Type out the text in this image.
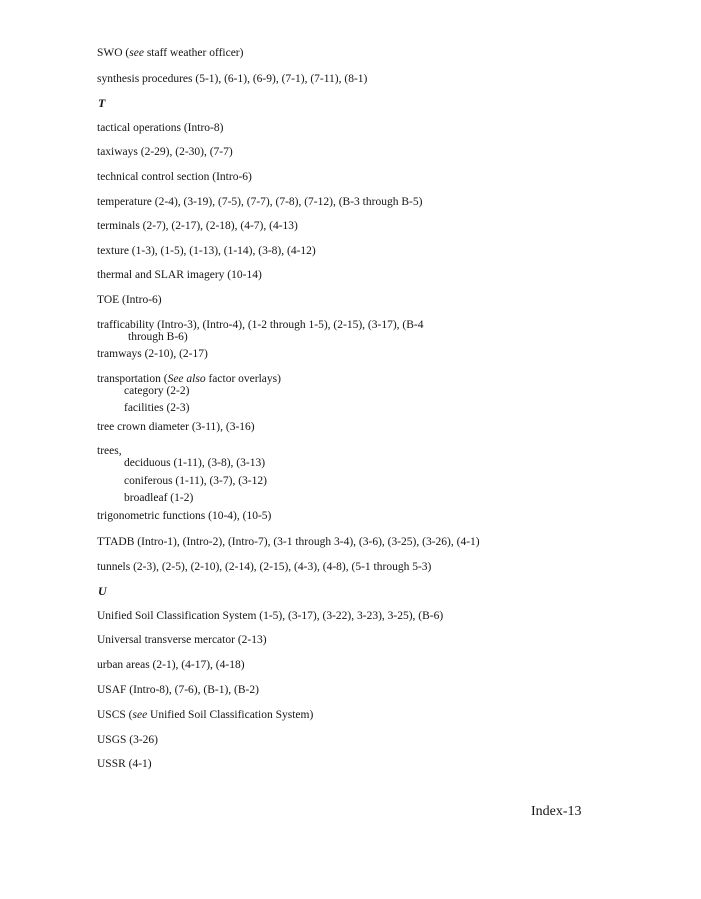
SWO (see staff weather officer)
synthesis procedures (5-1), (6-1), (6-9), (7-1), (7-11), (8-1)
T
tactical operations (Intro-8)
taxiways (2-29), (2-30), (7-7)
technical control section (Intro-6)
temperature (2-4), (3-19), (7-5), (7-7), (7-8), (7-12), (B-3 through B-5)
terminals (2-7), (2-17), (2-18), (4-7), (4-13)
texture (1-3), (1-5), (1-13), (1-14), (3-8), (4-12)
thermal and SLAR imagery (10-14)
TOE (Intro-6)
trafficability (Intro-3), (Intro-4), (1-2 through 1-5), (2-15), (3-17), (B-4
through B-6)
tramways (2-10), (2-17)
transportation (See also factor overlays)
category (2-2)
facilities (2-3)
tree crown diameter (3-11), (3-16)
trees,
deciduous (1-11), (3-8), (3-13)
coniferous (1-11), (3-7), (3-12)
broadleaf (1-2)
trigonometric functions (10-4), (10-5)
TTADB (Intro-1), (Intro-2), (Intro-7), (3-1 through 3-4), (3-6), (3-25), (3-26), (4-1)
tunnels (2-3), (2-5), (2-10), (2-14), (2-15), (4-3), (4-8), (5-1 through 5-3)
U
Unified Soil Classification System (1-5), (3-17), (3-22), 3-23), 3-25), (B-6)
Universal transverse mercator (2-13)
urban areas (2-1), (4-17), (4-18)
USAF (Intro-8), (7-6), (B-1), (B-2)
USCS (see Unified Soil Classification System)
USGS (3-26)
USSR (4-1)
Index-13
